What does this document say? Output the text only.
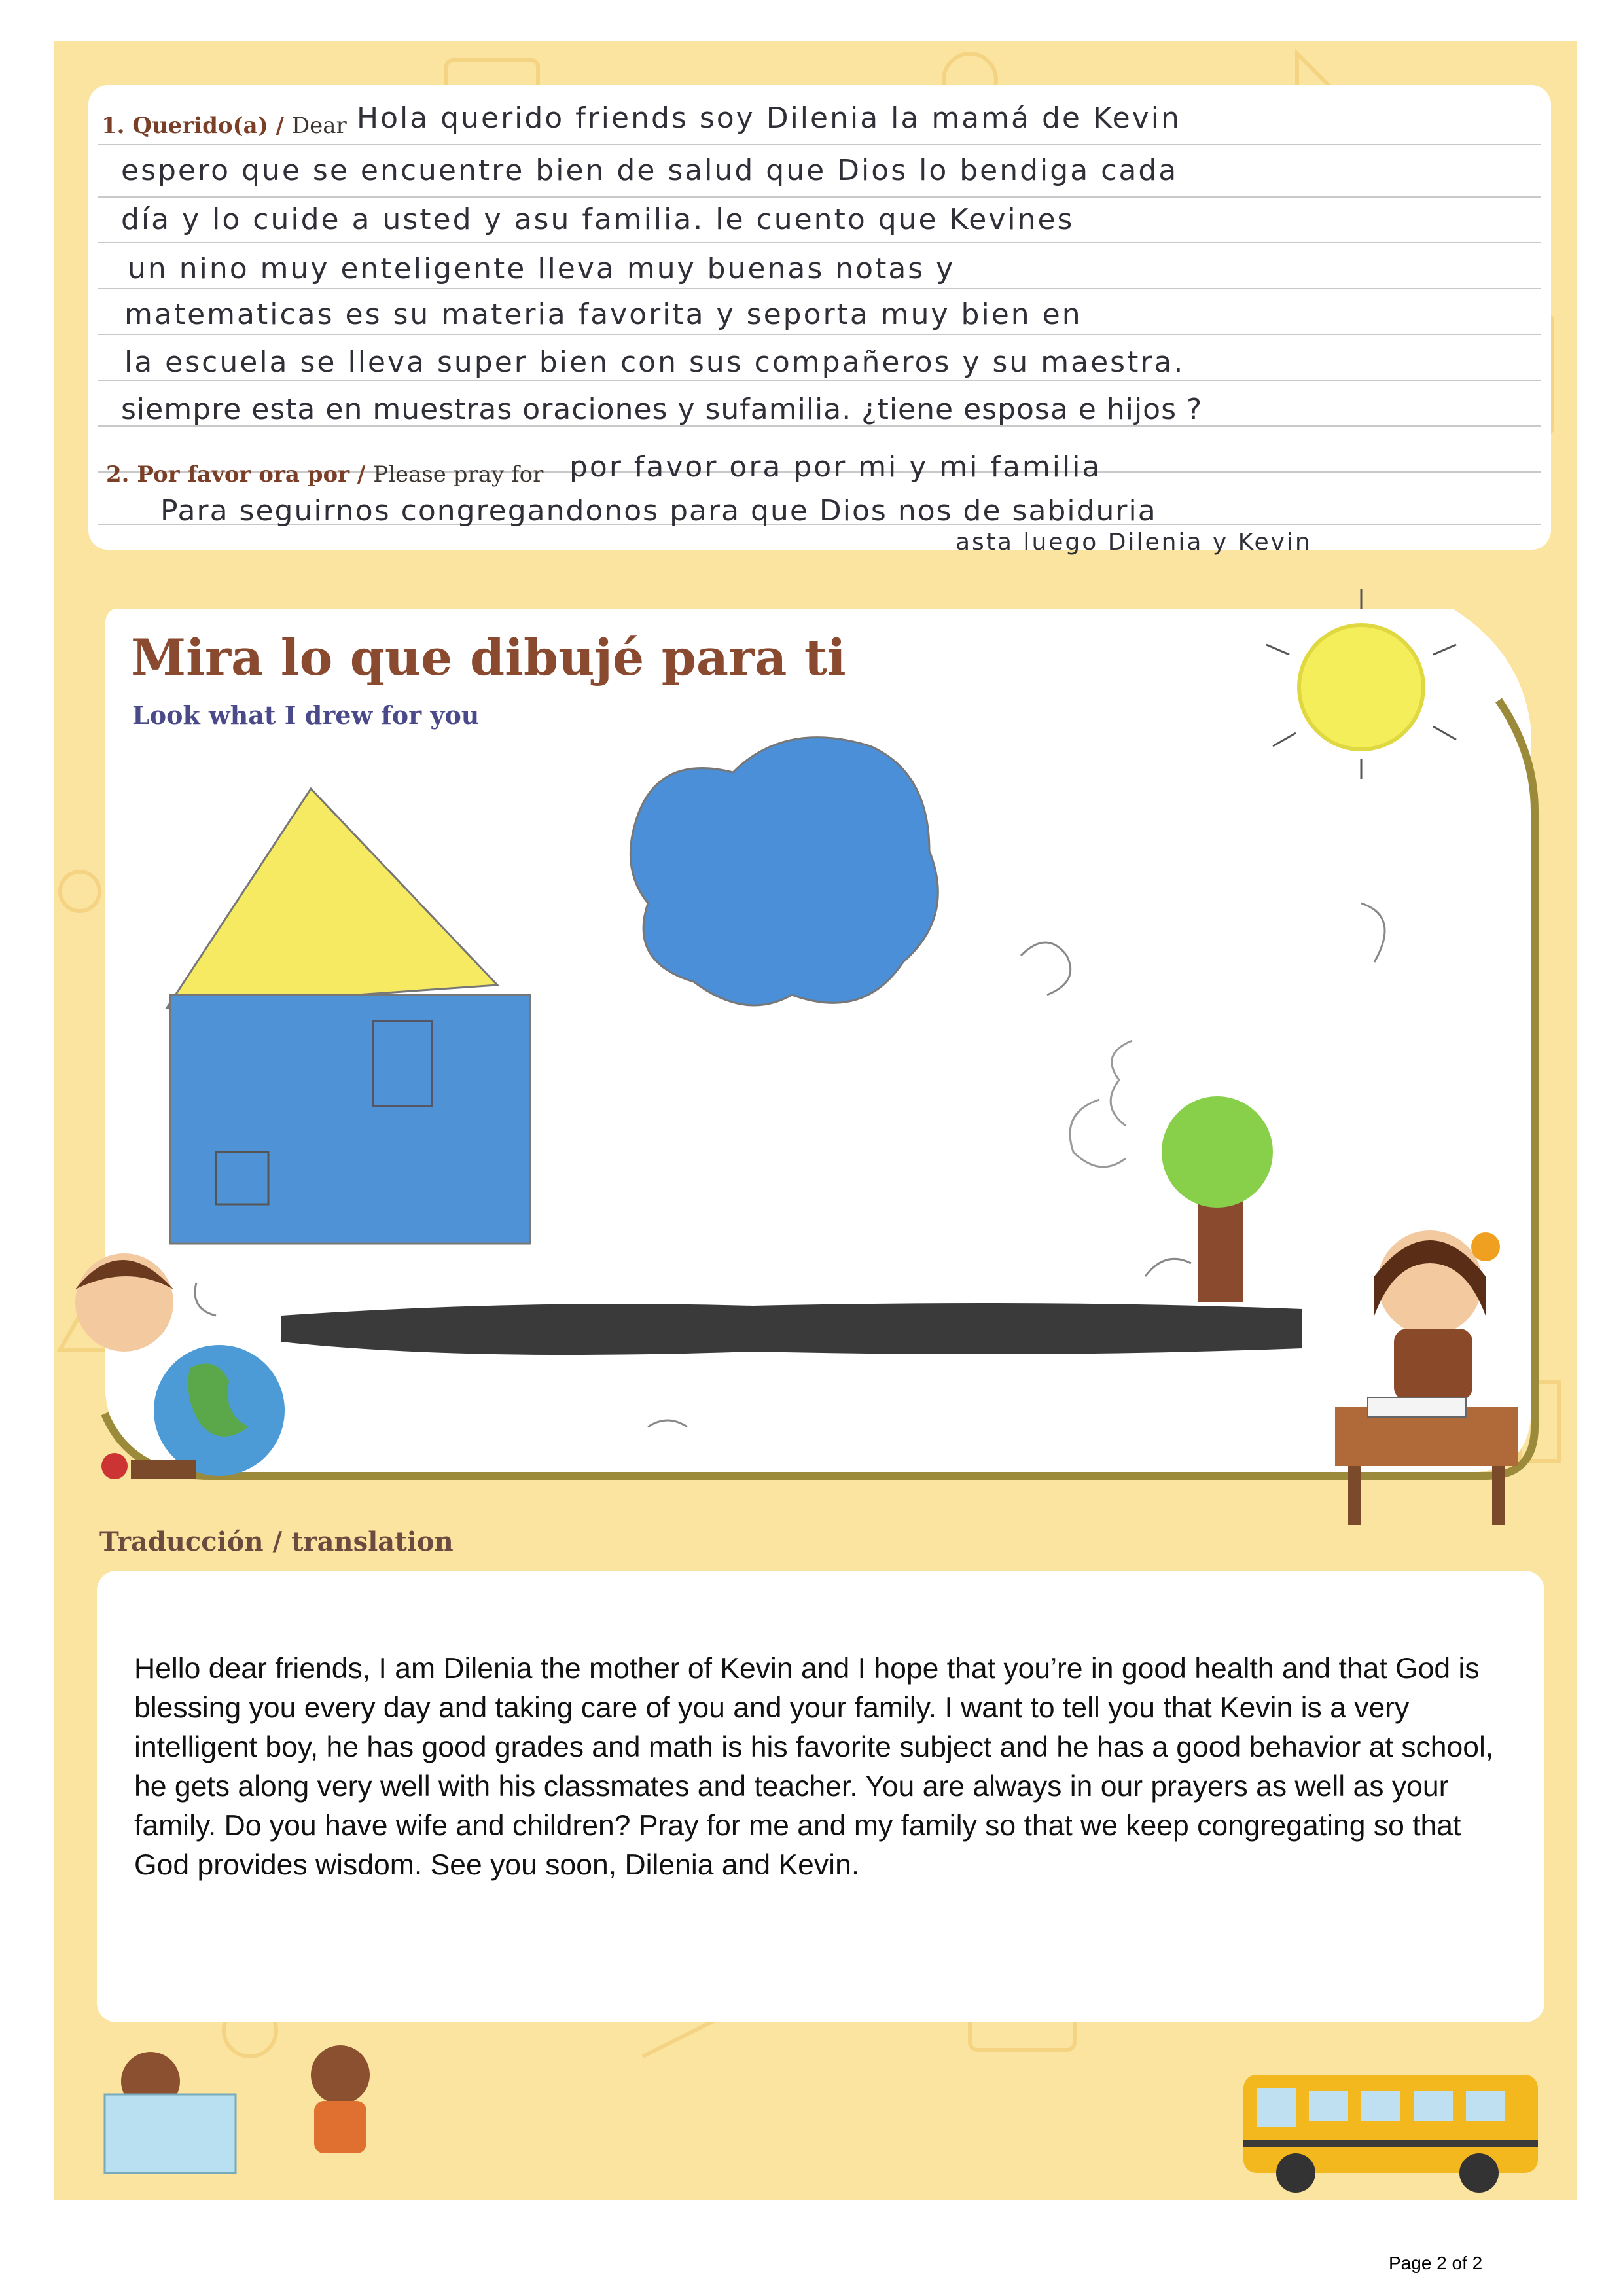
1. Querido(a) / Dear Hola querido friends soy Dilenia la mamá de Kevin
espero que se encuentre bien de salud que Dios lo bendiga cada
día y lo cuide a usted y asu familia. le cuento que Kevines
un nino muy enteligente lleva muy buenas notas y
matematicas es su materia favorita y seporta muy bien en
la escuela se lleva super bien con sus compañeros y su maestra.
siempre esta en muestras oraciones y sufamilia. ¿tiene esposa e hijos ?
2. Por favor ora por / Please pray for por favor ora por mi y mi familia
Para seguirnos congregandonos para que Dios nos de sabiduria
asta luego Dilenia y Kevin
Mira lo que dibujé para ti
Look what I drew for you
Traducción / translation
Hello dear friends, I am Dilenia the mother of Kevin and I hope that you’re in good health and that God is blessing you every day and taking care of you and your family. I want to tell you that Kevin is a very intelligent boy, he has good grades and math is his favorite subject and he has a good behavior at school, he gets along very well with his classmates and teacher. You are always in our prayers as well as your family. Do you have wife and children? Pray for me and my family so that we keep congregating so that God provides wisdom. See you soon, Dilenia and Kevin.
Page 2 of 2
